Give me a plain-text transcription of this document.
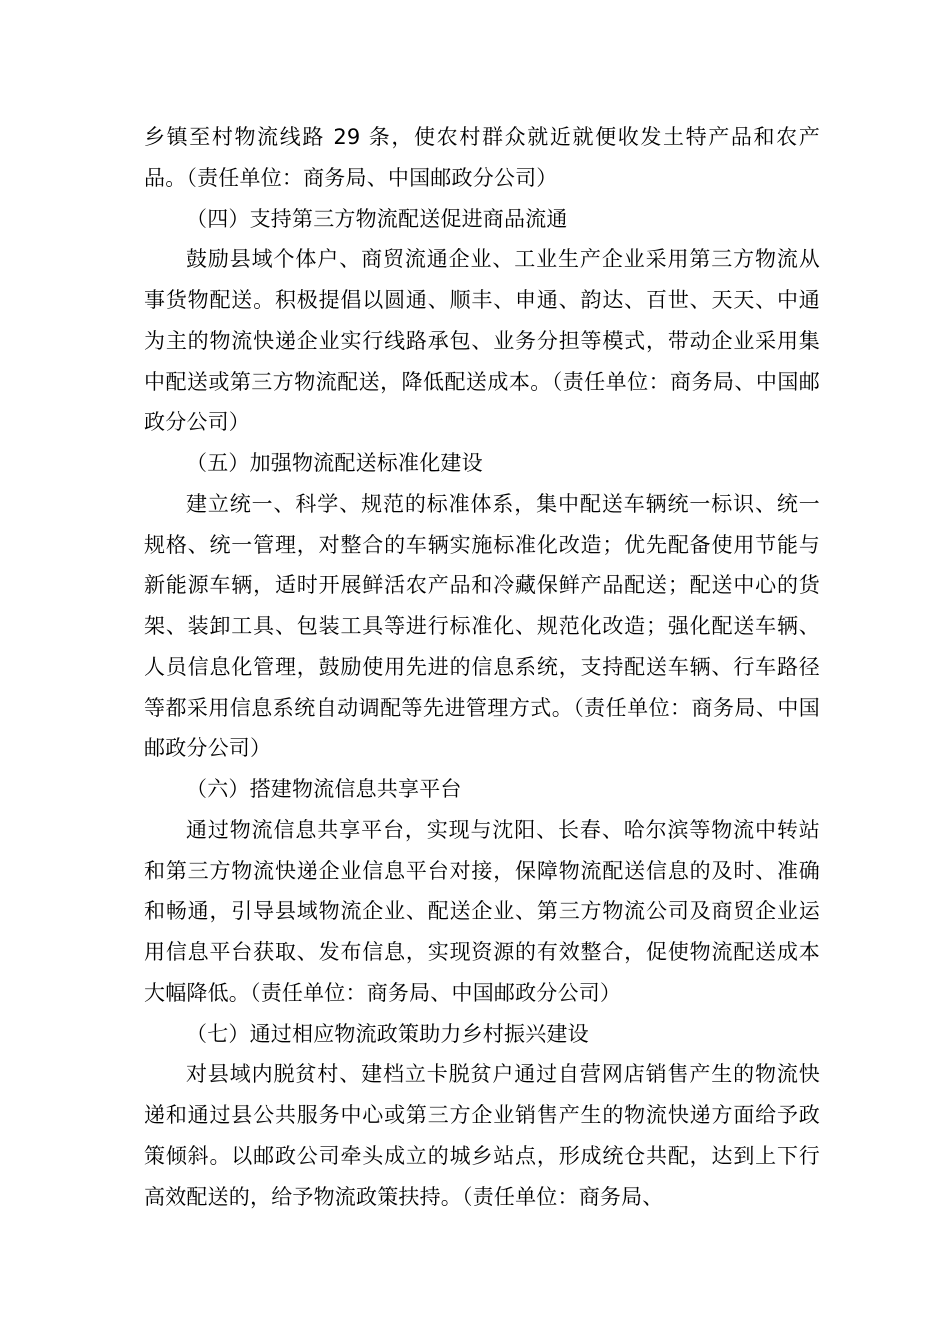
乡镇至村物流线路 29 条，使农村群众就近就便收发土特产品和农产品。（责任单位：商务局、中国邮政分公司）

（四）支持第三方物流配送促进商品流通

鼓励县域个体户、商贸流通企业、工业生产企业采用第三方物流从事货物配送。积极提倡以圆通、顺丰、申通、韵达、百世、天天、中通为主的物流快递企业实行线路承包、业务分担等模式，带动企业采用集中配送或第三方物流配送，降低配送成本。（责任单位：商务局、中国邮政分公司）

（五）加强物流配送标准化建设

建立统一、科学、规范的标准体系，集中配送车辆统一标识、统一规格、统一管理，对整合的车辆实施标准化改造；优先配备使用节能与新能源车辆，适时开展鲜活农产品和冷藏保鲜产品配送；配送中心的货架、装卸工具、包装工具等进行标准化、规范化改造；强化配送车辆、人员信息化管理，鼓励使用先进的信息系统，支持配送车辆、行车路径等都采用信息系统自动调配等先进管理方式。（责任单位：商务局、中国邮政分公司）

（六）搭建物流信息共享平台

通过物流信息共享平台，实现与沈阳、长春、哈尔滨等物流中转站和第三方物流快递企业信息平台对接，保障物流配送信息的及时、准确和畅通，引导县域物流企业、配送企业、第三方物流公司及商贸企业运用信息平台获取、发布信息，实现资源的有效整合，促使物流配送成本大幅降低。（责任单位：商务局、中国邮政分公司）

（七）通过相应物流政策助力乡村振兴建设

对县域内脱贫村、建档立卡脱贫户通过自营网店销售产生的物流快递和通过县公共服务中心或第三方企业销售产生的物流快递方面给予政策倾斜。以邮政公司牵头成立的城乡站点，形成统仓共配，达到上下行高效配送的，给予物流政策扶持。（责任单位：商务局、
